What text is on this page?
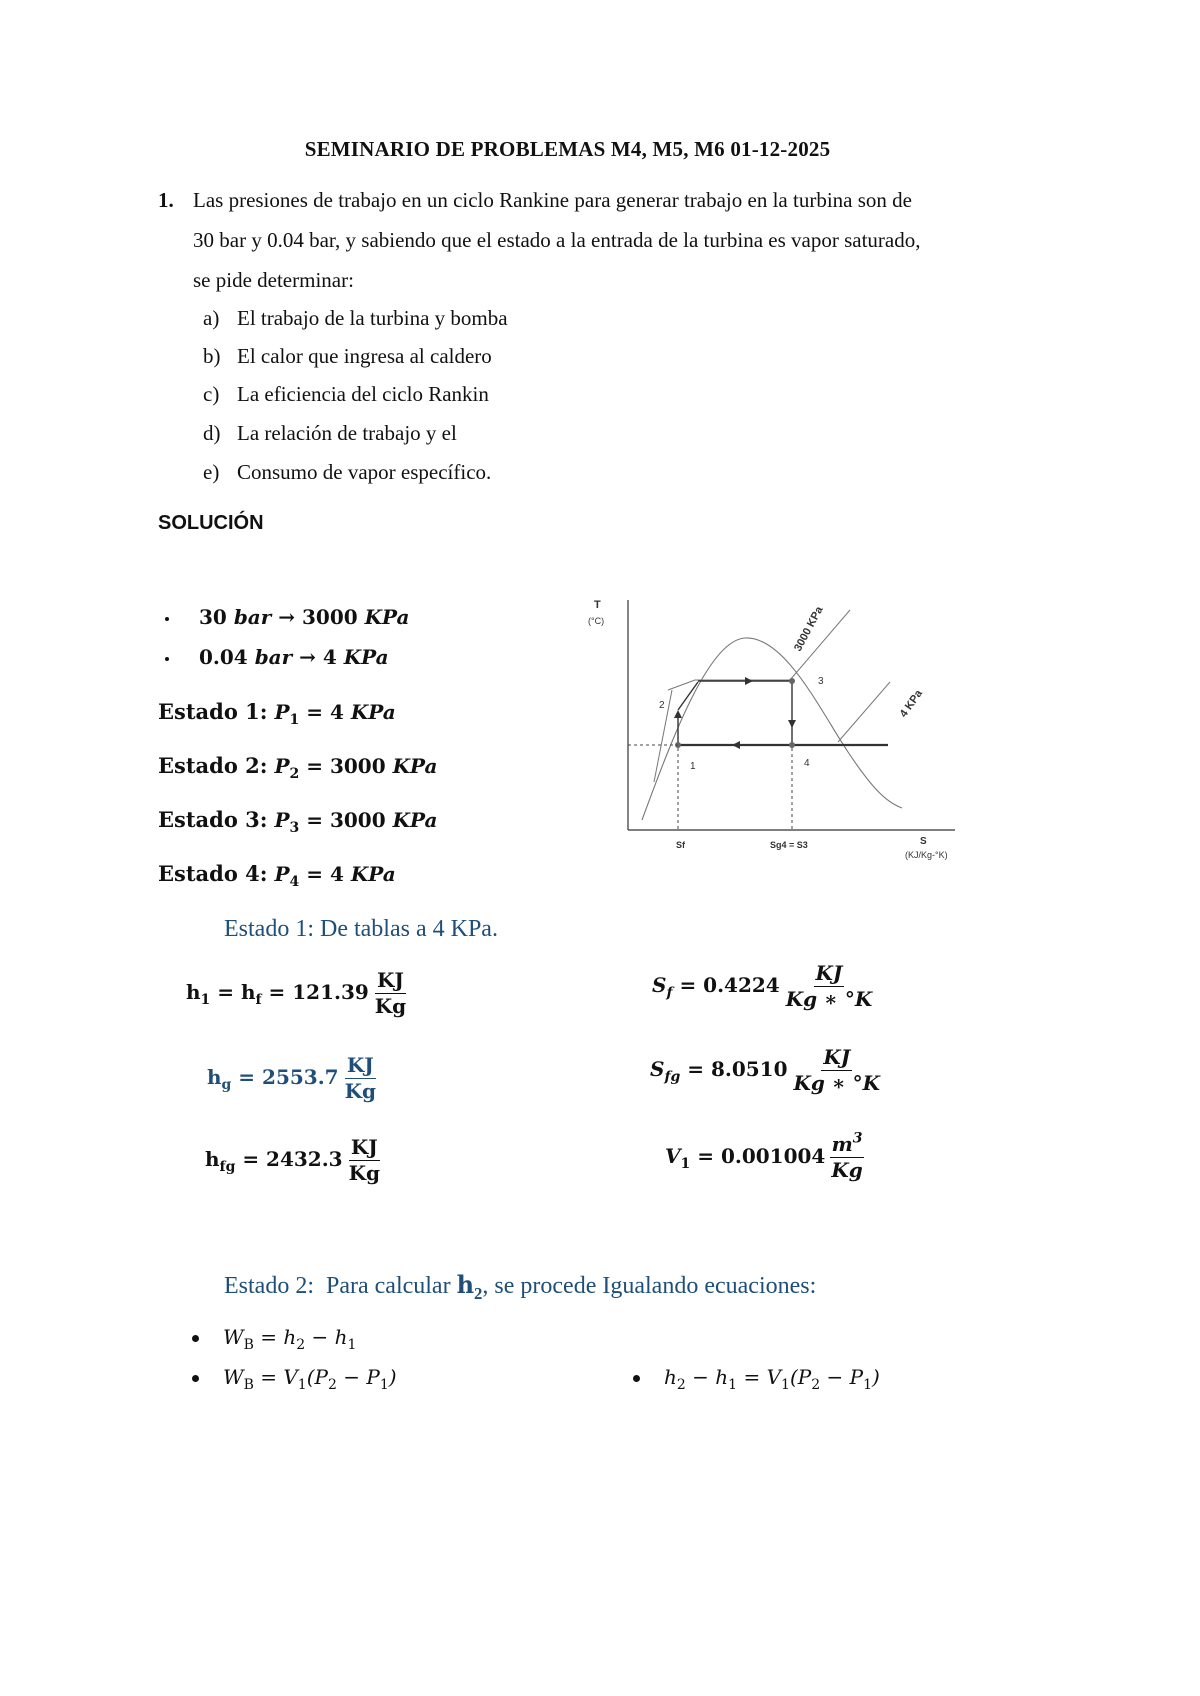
SEMINARIO DE PROBLEMAS M4, M5, M6 01-12-2025
1. Las presiones de trabajo en un ciclo Rankine para generar trabajo en la turbina son de
30 bar y 0.04 bar, y sabiendo que el estado a la entrada de la turbina es vapor saturado,
se pide determinar:
a) El trabajo de la turbina y bomba
b) El calor que ingresa al caldero
c) La eficiencia del ciclo Rankin
d) La relación de trabajo y el
e) Consumo de vapor específico.
SOLUCIÓN
30 bar → 3000 KPa
0.04 bar → 4 KPa
Estado 1: $P_1 = 4$ KPa
Estado 2: $P_2 = 3000$ KPa
Estado 3: $P_3 = 3000$ KPa
Estado 4: $P_4 = 4$ KPa
T
(°C)
S
(KJ/Kg-°K)
2
1
3
4
Sf	Sg4 = S3
3000 KPa
4 KPa
Estado 1: De tablas a 4 KPa.
$h_1 = h_f = 121.39 \frac{KJ}{Kg}$
$h_g = 2553.7 \frac{KJ}{Kg}$
$h_{fg} = 2432.3 \frac{KJ}{Kg}$
$S_f = 0.4224 \frac{KJ}{Kg ∗ ^\circ K}$
$S_{fg} = 8.0510 \frac{KJ}{Kg ∗ ^\circ K}$
$V_1 = 0.001004 \frac{m^3}{Kg}$
Estado 2:  Para calcular $h_2$, se procede Igualando ecuaciones:
$W_B = h_2 - h_1$
$W_B = V_1(P_2 - P_1)$	$h_2 - h_1 = V_1(P_2 - P_1)$
